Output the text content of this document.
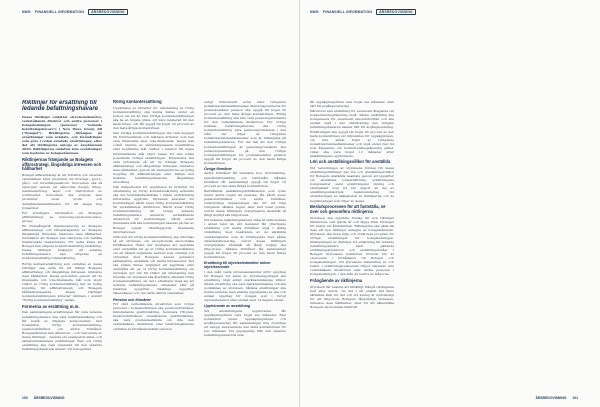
NWG FINANSIELL INFORMATION ÅRSREDOVISNING
Riktlinjer för ersättning till ledande befattningshavare

Dessa riktlinjer omfattar styrelseledamöter, verkställande direktör och andra personer i bolagsledningen (personer "ledande befattningshavare") i New Wave Group AB ("Bolaget"). Riktlinjerna tillämpas på ersättningar som avtalats, och förändringar som görs i redan avtalade ersättningar, efter det att riktlinjerna antogs av årsstämman 2020. Riktlinjerna omfattar inte ersättningar som beslutas av bolagsstämman.

Riktlinjernas främjande av Bolagets affärsstrategi, långsiktiga intressen och hållbarhet

Bolaget affärsstrategi är att förvärva och utveckla varumärken samt produkter till företags-, sport-, gåvo- och inredningssektorn. Koncernen ska så synergier genom att samordna design, inköp, marknadsföring, lager och distribution av sortimentet. Koncernen ska erbjuda sina produkter inom profil- och detaljhandelsmarknaden för att skapa hög lönsamhet.

För ytterligare information om Bolagets affärsstrategi, se www.nwg.se/om-new-wave-group/.

En framgångsrik implementering av Bolagets affärsstrategi och tillvaratagandet av Bolagets långsiktiga intressen, inklusive dess hållbarhet, förutsätter att Bolaget kan rekrytera och behålla kvalificerade medarbetare. För detta krävs att Bolaget kan erbjuda konkurrenskraftig ersättning. Dessa riktlinjer möjliggör att ledande befattningshavare kan erbjudas en konkurrenskraftig totalersättning.

Rörlig kontantersättning som omfattas av dessa riktlinjer ska syfta till att främja Bolagets affärsstrategi och långsiktiga intressen, inklusive dess hållbarhet. Dessa genomförs genom att de finansiella och icke-finansiella mål som utgör villkor av rörlig kontantersättning har en tydlig koppling till affärsstrategin och Bolagets hållbarhetsagenda. Dessa riktlinjer kontantersättningens kriterier närmare i avsnitt "Rörlig kontantersättning" nedan.

Formerna av ersättning m.m.

Den sammanlagda ersättningen får vara ledande befattningshavare ska vara marknadsmässig och får bestå av följande komponenter: fast kontantlön, rörlig kontantersättning, pensionsförmåner och andra förmåner. Bolagsstämman kan därutöver – och oberoende av dessa riktlinjer – besluta om exempelvis aktie- och aktiekursrelaterade ersättningar. Fast och rörlig ersättning ska vara relaterad till den ledande befattningshavarens ansvar och befogenhet.

Rörlig kontantersättning

Uppfyllelse av kriterier för utbetalning av rörlig kontantersättning ska kunna mätas under en period om ett år. Den rörliga kontantersättningen ska ha en högsta gräns och vara relaterad till den fasta lönen, och får uppgå till högst 50 procent av den fasta årliga kontantlönen.

Den rörliga kontantersättningen ska vara kopplad till förutbestämda och mätbara kriterier som kan vara finansiella eller icke-finansiella. Dessa kan också utgöras av individanpassade kvantitativa eller kvalitativa mål. Villkor i relation till dessa förutbestämda mål utgör basen för den totala potentiella rörliga ersättningen. Kriterierna ska vara utformade så att de främjar Bolagets affärsstrategi och långsiktiga intressen, inklusive dess hållbarhet, genom att exempelvis ha en tydlig koppling till affärsstrategin eller främja den ledande befattningshavarens långsiktiga utveckling.

När mätperioden för uppfyllelse av kriterier för utbetalning av rörlig kontantersättning avslutats ska det bedömas/fastställas i vilken utsträckning kriterierna uppfyllts. Styrelsen ansvarar för bedömningen såvitt avser rörlig kontantersättning till verkställande direktören. Såvitt avser rörlig kontantersättning till övriga ledande befattningshavare ansvarar verkställande direktören för bedömningen. Såvitt avser finansiella mål ska bedömningen baseras på den av Bolaget senast offentliggjorda finansiella informationen.

Villkoren för rörlig kontantersättning ska utformas så att styrelsen, om exceptionella ekonomiska förhållanden råder, har möjlighet att begränsa eller underlåta att ge ut rörlig kontantersättning om ett sådant utgivande bedöms som orimligt och oförenligt med Bolagets ansvar gentemot aktieägarna, anställda och andra intressenter. Det ska vidare finnas möjlighet att begränsa eller underlåta att ge ut rörlig kontantersättning om styrelsen gör det till villkor att utbetalning kan föreslås om styrelsen ska återkräva utbetald rörlig kontantersättning om det i efterhand visas sig att ledande befattningshavare utbetalats eller på felaktiga uppgifter, felaktiga uppgifter, räkenskaper och vad detta därvid omedelbar.

Pension och förmåner

För vård verkställande direktören som övriga personer i bolagsledningen ska pensionsförmåner, inkluderande sjukförsäkring, motsvara ITP-plan. Pensionsförmånen, innefattande sjukförsäkring, ska vara premiebestämda om inte den verkställande direktören eller befattningshavare omfattas av förmånsbestämd pension

enligt individuellt avtal eller tvingande kollektivavtalsbestämmelser. Pensionspremierna för premiebestämd pension ska uppgå till högst 30 procent av den fasta årliga kontantlönen. Rörlig kontantersättning ska inte vara pensionsgrundande för den verkställande direktören. För övriga ledande befattningshavare ska rörlig kontantersättning vara pensionsgrundande i den mån det följer av tvingande kollektivavtalsbestämmelser som är tillämpliga på befattningshavaren. För det fall att den rörliga kontantersättningen är pensionsgrundande ska pensionspremierna på den rörliga kontantersättningen för premiebestämd pension uppgå till högst 40 procent av den fasta årliga kontantlönen.

Övriga förmåner

Andra förmåner får innefatta bl.a. livförsäkring, sjukvårdsförsäkring och bilförmån. Sådana förmåner får sammanlagt uppgå till högst 10 procent av den fasta årliga kontantlönen.

Beträffande anställningsförhållanden som lyder under andra regler än svenska, får, såvitt avser pensionsförmåner och andra förmåner, vederbörliga anpassningar ske för att följa tvingande sådana regler eller fast lokal praxis, varvid dessa riktlinjers övergripande ändamål så långt möjligt ska tillgodoses.

Vid ledande befattningshavare vilka är stationerade i annat land än sitt hemland får ytterligare ersättning och andra förmåner utgå i skälig omfattning med beaktande av de särskilda omständigheter som är förknippade med sådan utlandsstationering, varvid dessa riktlinjers övergripande ändamål så långt möjligt ska tillgodoses. Sådana förmåner får sammanlagt uppgå till högst 20 procent av den fasta årliga kontantlönen.

Ersättning till styrelseledamöter utöver styrelsearvode

I den mån valda styrelseledamöter utför uppdrag för Bolaget vid sidan av styrelseuppdraget ska ersättning utgå enligt marknadsmässiga villkor. Sådan ersättning ska vara marknadsmässig och ska godkännas av styrelsen. Sådana ersättningar ska kunna avslutas med ensidig uppsägning av ena och endast uppdrag för bolaget som i övrigt styrelseledamot eller endast med 14 dagars varsel.

Upphörande av anställning

Vid anställningens upphörande får uppsägningstiden vara högst sex månader. Fast kontantlön under uppsägningstiden och avgångsvederlag får sammantaget inte överstiga ett belopp motsvarande den fasta kontantlönen för tolv månader. Vid uppsägning från den ledande befattningshavarens sida

100 ÅRSREDOVISNING
NWG FINANSIELL INFORMATION ÅRSREDOVISNING

får uppsägningstiden vara högst sex månader, utan rätt till avgångsvederlag.

Därutöver kan ersättning för eventuellt åtagande om konkurrensbegränsning utgå. Sådan ersättning ska kompensera för eventuellt inkomstbortfall och ska endast utgå i den utsträckning den tidigare befattningshavaren saknar rätt till avgångsvederlag. Ersättningen ska uppgå till högst 60 procent av den fasta kontantlönen vid tidpunkten för uppsägningen, om inte annat följer av tvingande kollektivavtalsbestämmelser och utgå under den tid som åtagandet om konkurrensbegränsning gäller, vilket ska vara högst 12 månader efter anställningens upphörande.

Lön och anställningsvillkor för anställda

Vid beredningen av styrelsens förslag till dessa ersättningsriktlinjer har lön och anställningsvillkor för Bolagets anställda beaktats genom att uppgifter om anställdas totalersättning, ersättningens komponenter samt ersättningens ökning och ökningstakt över tid har utgjort en del av ersättningsutskottets beslutsunderlag vid utvärderingen av skäligheten av riktlinjerna och de begränsningar som följer av dessa.

Beslutsprocessen för att fastställa, se över och genomföra riktlinjerna

Styrelsen ska upprätta förslag till nya riktlinjer åtminstone vart fjärde år och lägga fram förslaget för beslut vid årsstämman. Riktlinjerna ska gälla till dess att nya riktlinjer antagits av bolagsstämman. Styrelsen ska även följa och utvärdera program för rörliga ersättningar för bolagsledningen, tillämpningen av riktlinjer för ersättning till ledande befattningshavare samt gällande ersättningsstrukturer och ersättningsnivåer i Bolaget. Styrelsens ledamöter, förutom VD, är oberoende i förhållande till Bolaget och bolagsledningen. Vid styrelsens behandling av och beslut i ersättningsrelaterade frågor närvarar inte verkställande direktören eller andra personer i bolagsledningen, i den mån de berörs av frågorna.

Frångående av riktlinjerna

Styrelsen får besluta att tillfälligt frångå riktlinjerna helt eller delvis, om det i ett enskilt fall finns särskilda skäl för det och ett avsteg är nödvändigt för att tillgodose Bolagets långsiktiga intressen, inklusive dess hållbarhet, eller för att säkerställa Bolagets ekonomiska bärkraft.

ÅRSREDOVISNING 101
